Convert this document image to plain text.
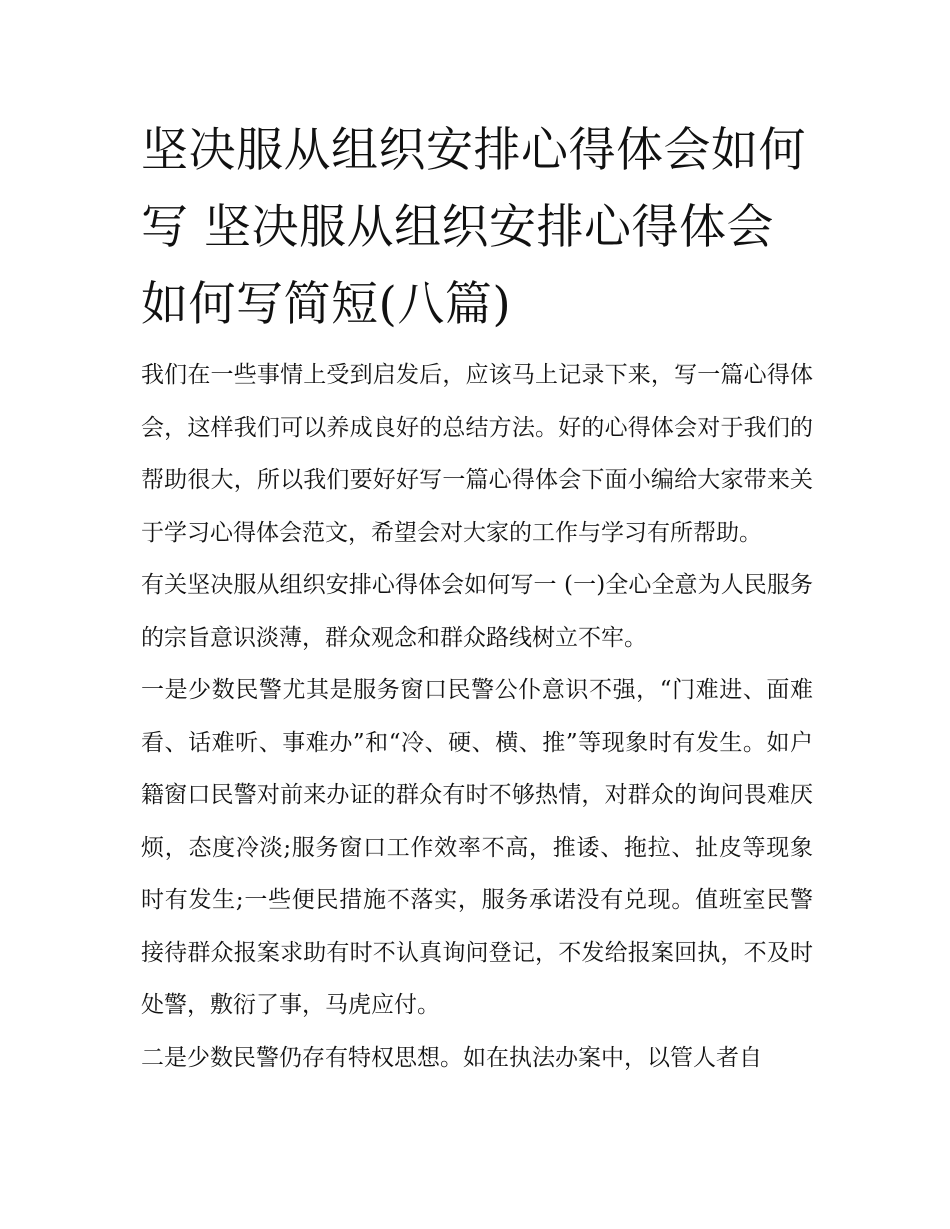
坚决服从组织安排心得体会如何写 坚决服从组织安排心得体会如何写简短(八篇)

我们在一些事情上受到启发后，应该马上记录下来，写一篇心得体会，这样我们可以养成良好的总结方法。好的心得体会对于我们的帮助很大，所以我们要好好写一篇心得体会下面小编给大家带来关于学习心得体会范文，希望会对大家的工作与学习有所帮助。

有关坚决服从组织安排心得体会如何写一 (一)全心全意为人民服务的宗旨意识淡薄，群众观念和群众路线树立不牢。

一是少数民警尤其是服务窗口民警公仆意识不强，“门难进、面难看、话难听、事难办”和“冷、硬、横、推”等现象时有发生。如户籍窗口民警对前来办证的群众有时不够热情，对群众的询问畏难厌烦，态度冷淡;服务窗口工作效率不高，推诿、拖拉、扯皮等现象时有发生;一些便民措施不落实，服务承诺没有兑现。值班室民警接待群众报案求助有时不认真询问登记，不发给报案回执，不及时处警，敷衍了事，马虎应付。

二是少数民警仍存有特权思想。如在执法办案中，以管人者自
